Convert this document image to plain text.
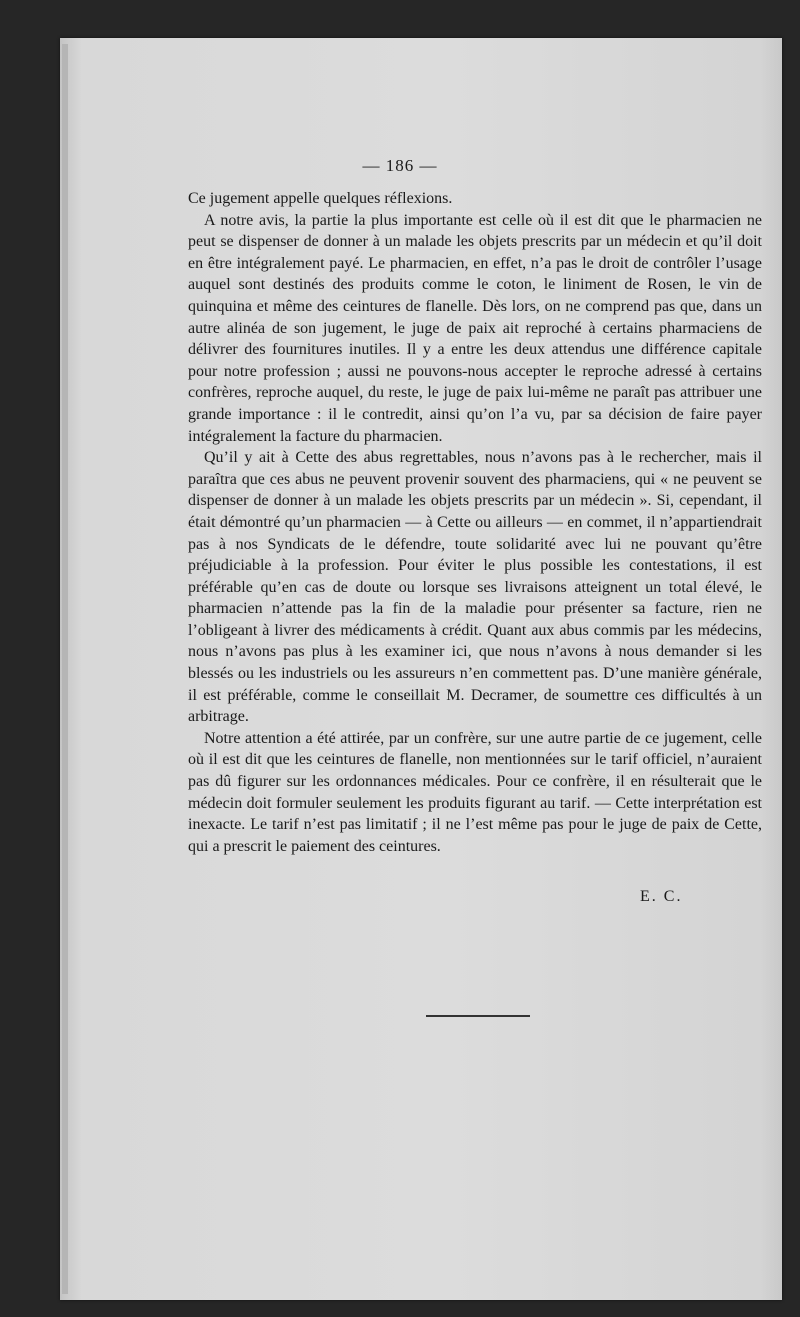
— 186 —

Ce jugement appelle quelques réflexions.

A notre avis, la partie la plus importante est celle où il est dit que le pharmacien ne peut se dispenser de donner à un malade les objets prescrits par un médecin et qu’il doit en être intégralement payé. Le pharmacien, en effet, n’a pas le droit de contrôler l’usage auquel sont destinés des produits comme le coton, le liniment de Rosen, le vin de quinquina et même des ceintures de flanelle. Dès lors, on ne comprend pas que, dans un autre alinéa de son jugement, le juge de paix ait reproché à certains pharmaciens de délivrer des fournitures inutiles. Il y a entre les deux attendus une différence capitale pour notre profession ; aussi ne pouvons-nous accepter le reproche adressé à certains confrères, reproche auquel, du reste, le juge de paix lui-même ne paraît pas attribuer une grande importance : il le contredit, ainsi qu’on l’a vu, par sa décision de faire payer intégralement la facture du pharmacien.

Qu’il y ait à Cette des abus regrettables, nous n’avons pas à le rechercher, mais il paraîtra que ces abus ne peuvent provenir souvent des pharmaciens, qui « ne peuvent se dispenser de donner à un malade les objets prescrits par un médecin ». Si, cependant, il était démontré qu’un pharmacien — à Cette ou ailleurs — en commet, il n’appartiendrait pas à nos Syndicats de le défendre, toute solidarité avec lui ne pouvant qu’être préjudiciable à la profession. Pour éviter le plus possible les contestations, il est préférable qu’en cas de doute ou lorsque ses livraisons atteignent un total élevé, le pharmacien n’attende pas la fin de la maladie pour présenter sa facture, rien ne l’obligeant à livrer des médicaments à crédit. Quant aux abus commis par les médecins, nous n’avons pas plus à les examiner ici, que nous n’avons à nous demander si les blessés ou les industriels ou les assureurs n’en commettent pas. D’une manière générale, il est préférable, comme le conseillait M. Decramer, de soumettre ces difficultés à un arbitrage.

Notre attention a été attirée, par un confrère, sur une autre partie de ce jugement, celle où il est dit que les ceintures de flanelle, non mentionnées sur le tarif officiel, n’auraient pas dû figurer sur les ordonnances médicales. Pour ce confrère, il en résulterait que le médecin doit formuler seulement les produits figurant au tarif. — Cette interprétation est inexacte. Le tarif n’est pas limitatif ; il ne l’est même pas pour le juge de paix de Cette, qui a prescrit le paiement des ceintures.

E. C.
